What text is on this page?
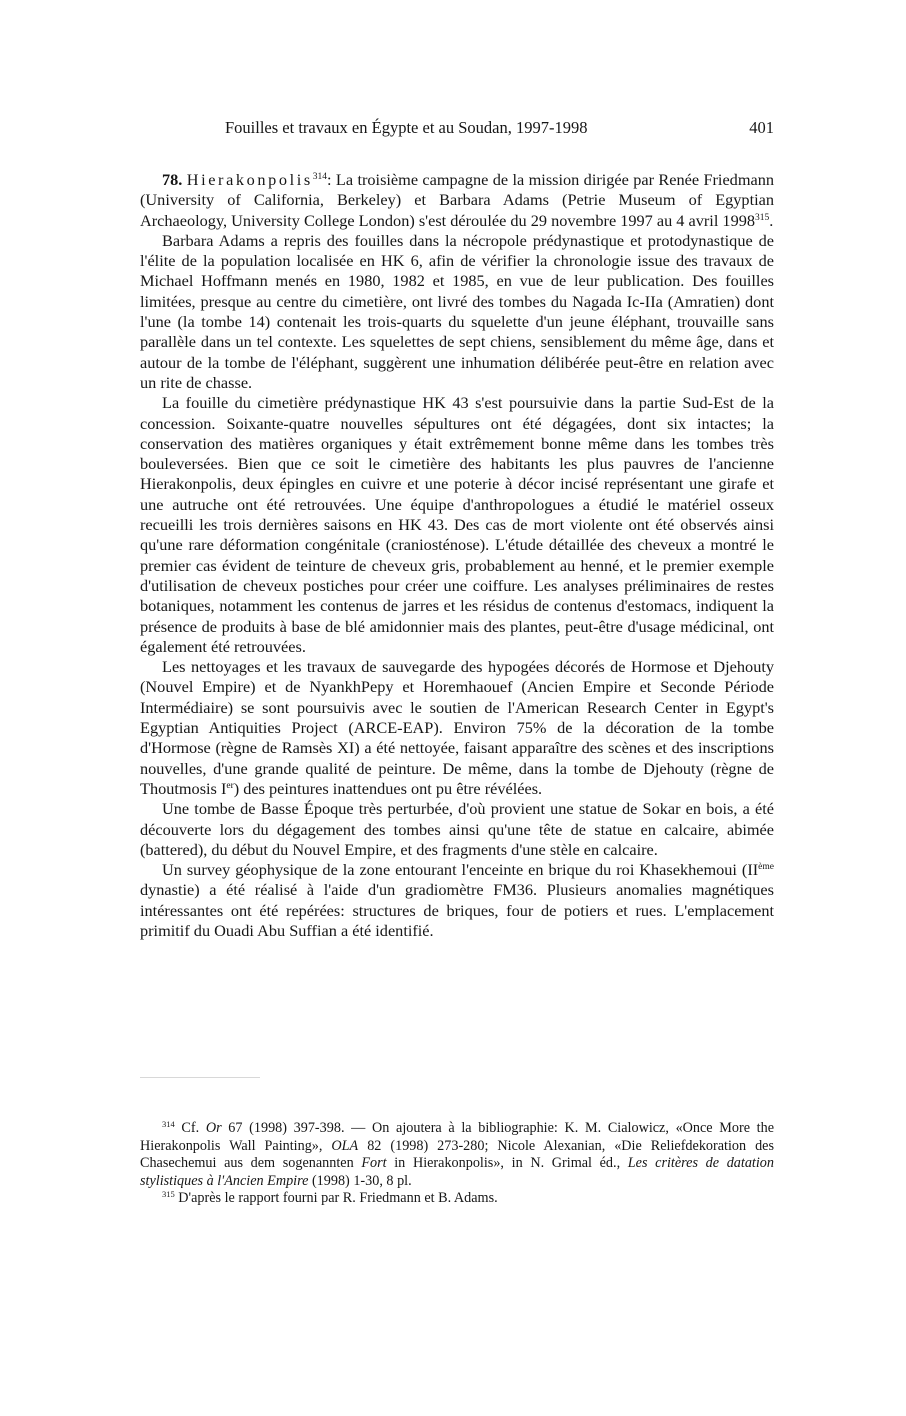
Fouilles et travaux en Égypte et au Soudan, 1997-1998	401

78. Hierakonpolis$^{314}$: La troisième campagne de la mission dirigée par Renée Friedmann (University of California, Berkeley) et Barbara Adams (Petrie Museum of Egyptian Archaeology, University College London) s'est déroulée du 29 novembre 1997 au 4 avril 1998$^{315}$.

Barbara Adams a repris des fouilles dans la nécropole prédynastique et protodynastique de l'élite de la population localisée en HK 6, afin de vérifier la chronologie issue des travaux de Michael Hoffmann menés en 1980, 1982 et 1985, en vue de leur publication. Des fouilles limitées, presque au centre du cimetière, ont livré des tombes du Nagada Ic-IIa (Amratien) dont l'une (la tombe 14) contenait les trois-quarts du squelette d'un jeune éléphant, trouvaille sans parallèle dans un tel contexte. Les squelettes de sept chiens, sensiblement du même âge, dans et autour de la tombe de l'éléphant, suggèrent une inhumation délibérée peut-être en relation avec un rite de chasse.

La fouille du cimetière prédynastique HK 43 s'est poursuivie dans la partie Sud-Est de la concession. Soixante-quatre nouvelles sépultures ont été dégagées, dont six intactes; la conservation des matières organiques y était extrêmement bonne même dans les tombes très bouleversées. Bien que ce soit le cimetière des habitants les plus pauvres de l'ancienne Hierakonpolis, deux épingles en cuivre et une poterie à décor incisé représentant une girafe et une autruche ont été retrouvées. Une équipe d'anthropologues a étudié le matériel osseux recueilli les trois dernières saisons en HK 43. Des cas de mort violente ont été observés ainsi qu'une rare déformation congénitale (craniosténose). L'étude détaillée des cheveux a montré le premier cas évident de teinture de cheveux gris, probablement au henné, et le premier exemple d'utilisation de cheveux postiches pour créer une coiffure. Les analyses préliminaires de restes botaniques, notamment les contenus de jarres et les résidus de contenus d'estomacs, indiquent la présence de produits à base de blé amidonnier mais des plantes, peut-être d'usage médicinal, ont également été retrouvées.

Les nettoyages et les travaux de sauvegarde des hypogées décorés de Hormose et Djehouty (Nouvel Empire) et de NyankhPepy et Horemhaouef (Ancien Empire et Seconde Période Intermédiaire) se sont poursuivis avec le soutien de l'American Research Center in Egypt's Egyptian Antiquities Project (ARCE-EAP). Environ 75% de la décoration de la tombe d'Hormose (règne de Ramsès XI) a été nettoyée, faisant apparaître des scènes et des inscriptions nouvelles, d'une grande qualité de peinture. De même, dans la tombe de Djehouty (règne de Thoutmosis Ier) des peintures inattendues ont pu être révélées.

Une tombe de Basse Époque très perturbée, d'où provient une statue de Sokar en bois, a été découverte lors du dégagement des tombes ainsi qu'une tête de statue en calcaire, abimée (battered), du début du Nouvel Empire, et des fragments d'une stèle en calcaire.

Un survey géophysique de la zone entourant l'enceinte en brique du roi Khasekhemoui (IIème dynastie) a été réalisé à l'aide d'un gradiomètre FM36. Plusieurs anomalies magnétiques intéressantes ont été repérées: structures de briques, four de potiers et rues. L'emplacement primitif du Ouadi Abu Suffian a été identifié.

$^{314}$ Cf. Or 67 (1998) 397-398. — On ajoutera à la bibliographie: K. M. Cialowicz, «Once More the Hierakonpolis Wall Painting», OLA 82 (1998) 273-280; Nicole Alexanian, «Die Reliefdekoration des Chasechemui aus dem sogenannten Fort in Hierakonpolis», in N. Grimal éd., Les critères de datation stylistiques à l'Ancien Empire (1998) 1-30, 8 pl.

$^{315}$ D'après le rapport fourni par R. Friedmann et B. Adams.
